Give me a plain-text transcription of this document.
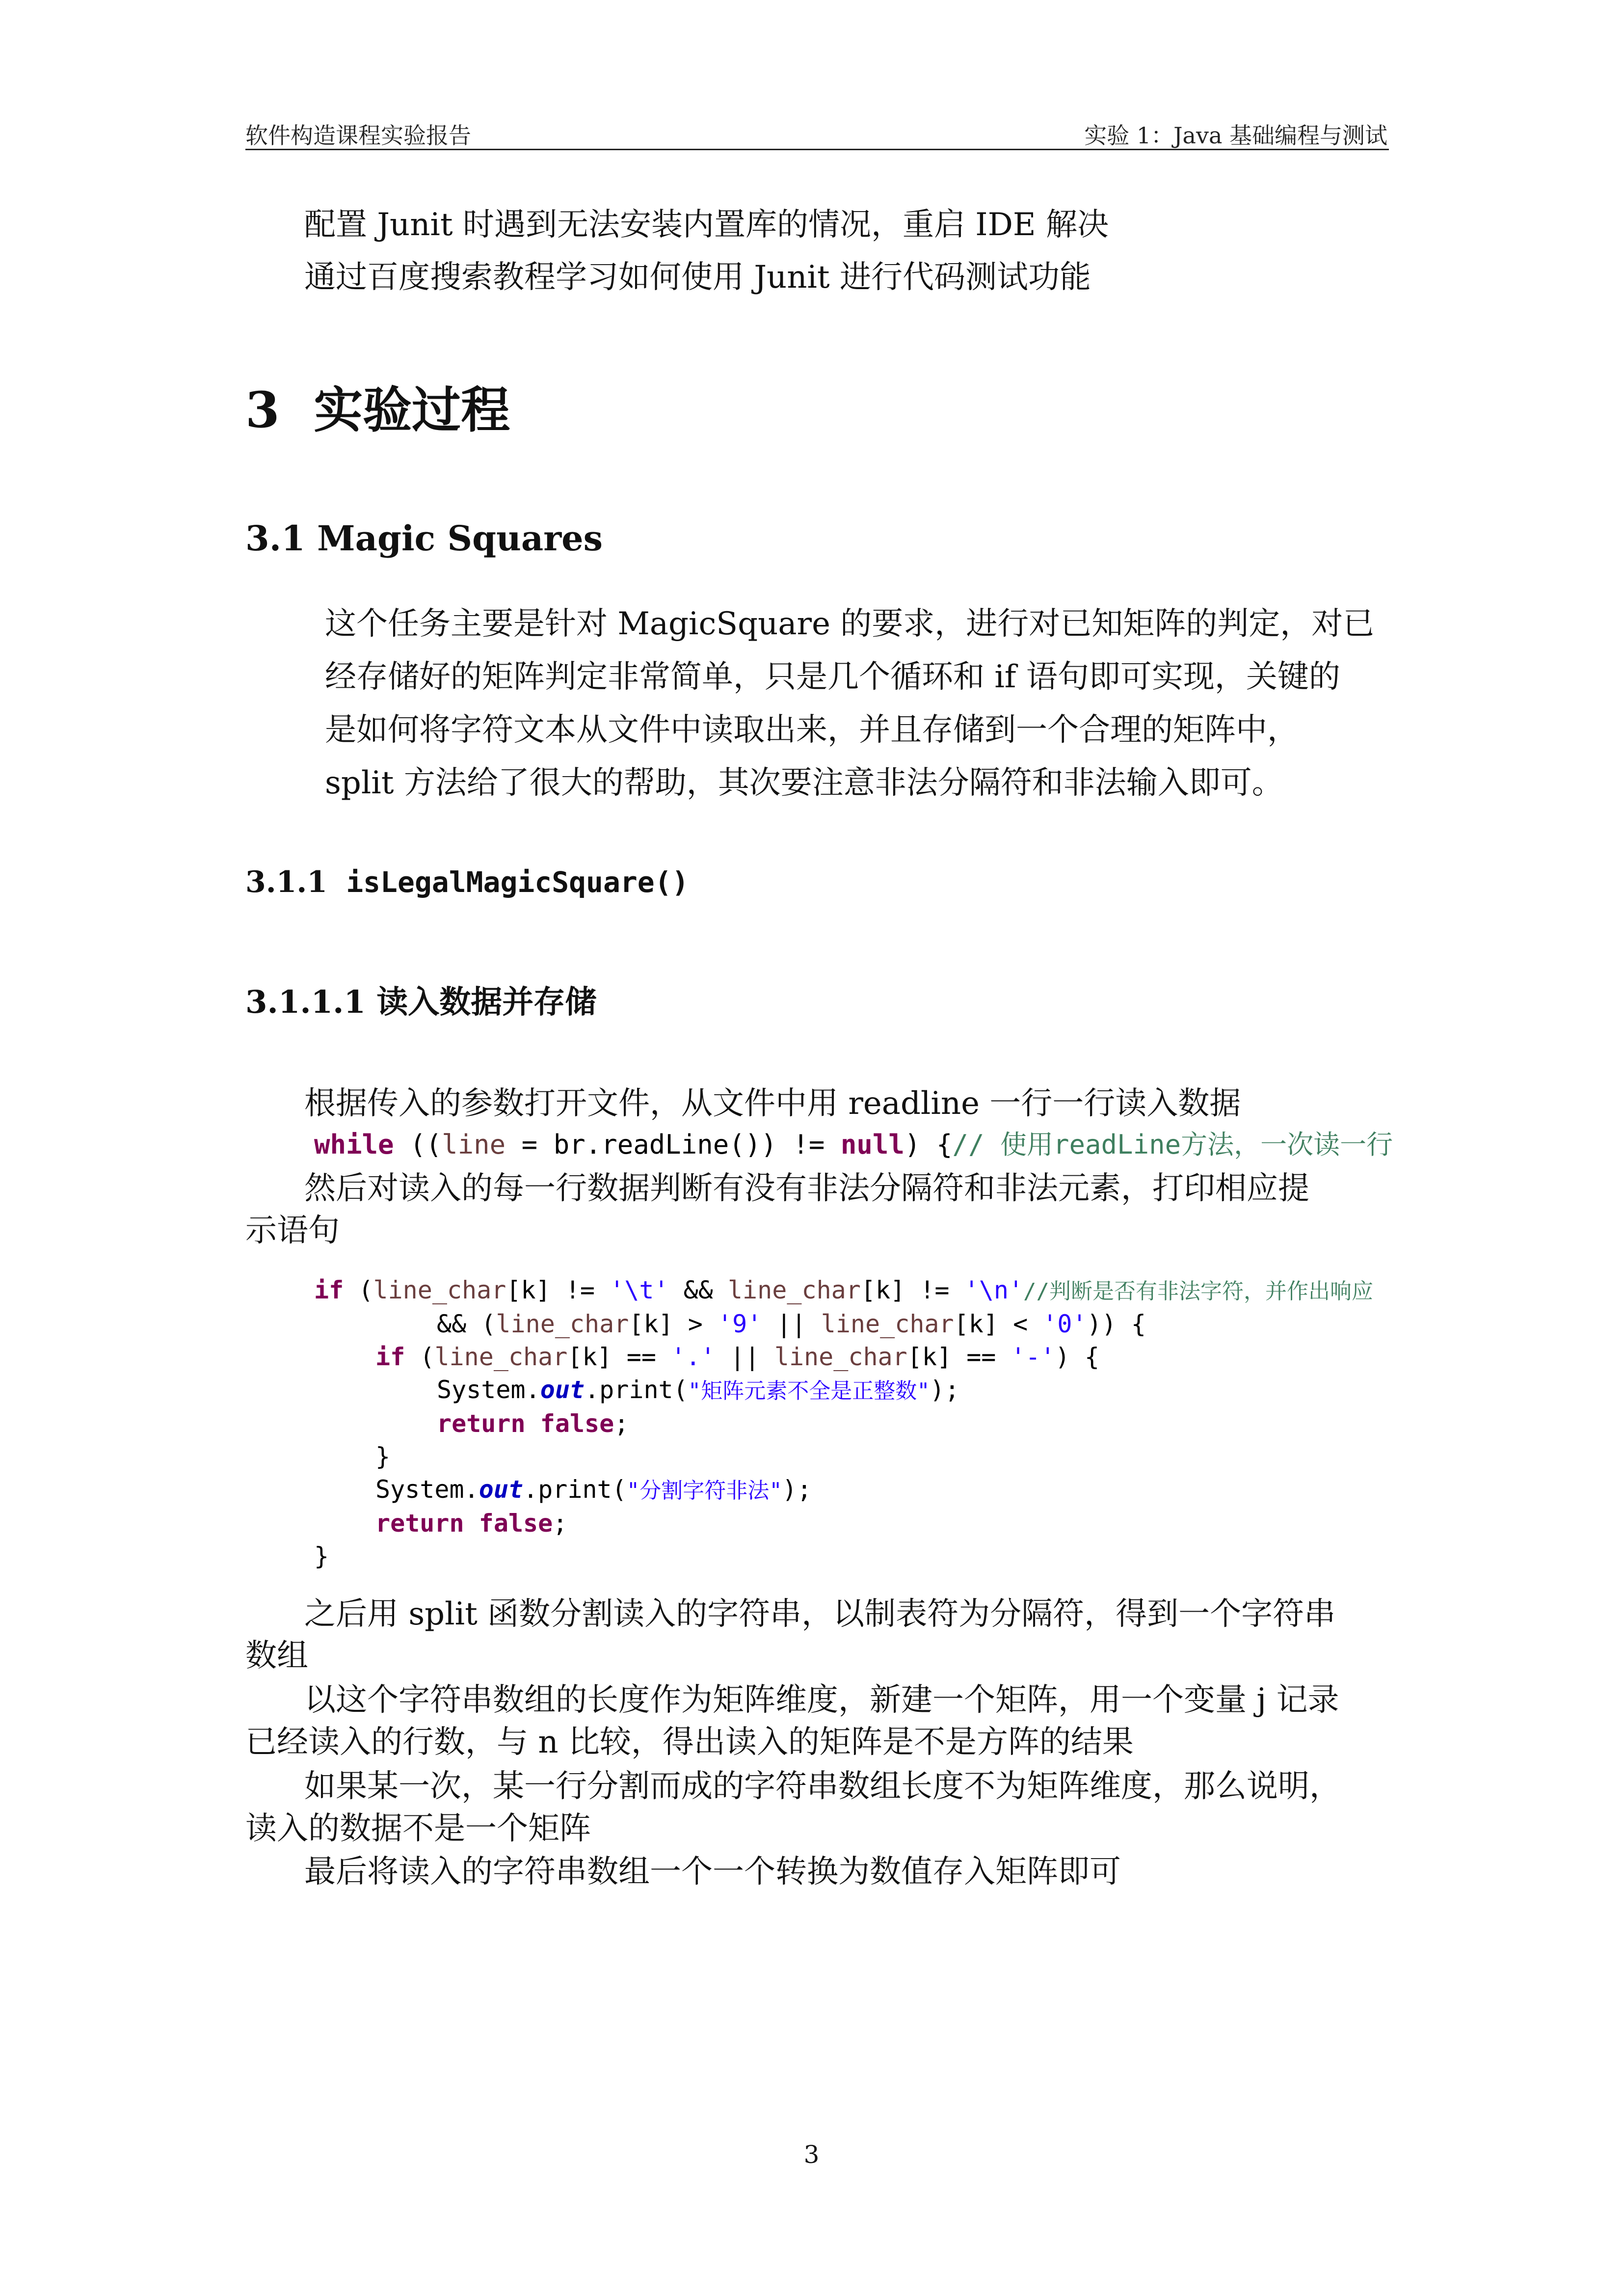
软件构造课程实验报告	实验 1：Java 基础编程与测试
配置 Junit 时遇到无法安装内置库的情况，重启 IDE 解决
通过百度搜索教程学习如何使用 Junit 进行代码测试功能
3 实验过程
3.1 Magic Squares
这个任务主要是针对 MagicSquare 的要求，进行对已知矩阵的判定，对已
经存储好的矩阵判定非常简单，只是几个循环和 if 语句即可实现，关键的
是如何将字符文本从文件中读取出来，并且存储到一个合理的矩阵中，
split 方法给了很大的帮助，其次要注意非法分隔符和非法输入即可。
3.1.1 isLegalMagicSquare()
3.1.1.1 读入数据并存储
根据传入的参数打开文件，从文件中用 readline 一行一行读入数据
while ((line = br.readLine()) != null) {// 使用readLine方法，一次读一行
然后对读入的每一行数据判断有没有非法分隔符和非法元素，打印相应提
示语句
if (line_char[k] != '\t' && line_char[k] != '\n'//判断是否有非法字符，并作出响应
&& (line_char[k] > '9' || line_char[k] < '0')) {
if (line_char[k] == '.' || line_char[k] == '-') {
System.out.print("矩阵元素不全是正整数");
return false;
}
System.out.print("分割字符非法");
return false;
}
之后用 split 函数分割读入的字符串，以制表符为分隔符，得到一个字符串
数组
以这个字符串数组的长度作为矩阵维度，新建一个矩阵，用一个变量 j 记录
已经读入的行数，与 n 比较，得出读入的矩阵是不是方阵的结果
如果某一次，某一行分割而成的字符串数组长度不为矩阵维度，那么说明，
读入的数据不是一个矩阵
最后将读入的字符串数组一个一个转换为数值存入矩阵即可
3
